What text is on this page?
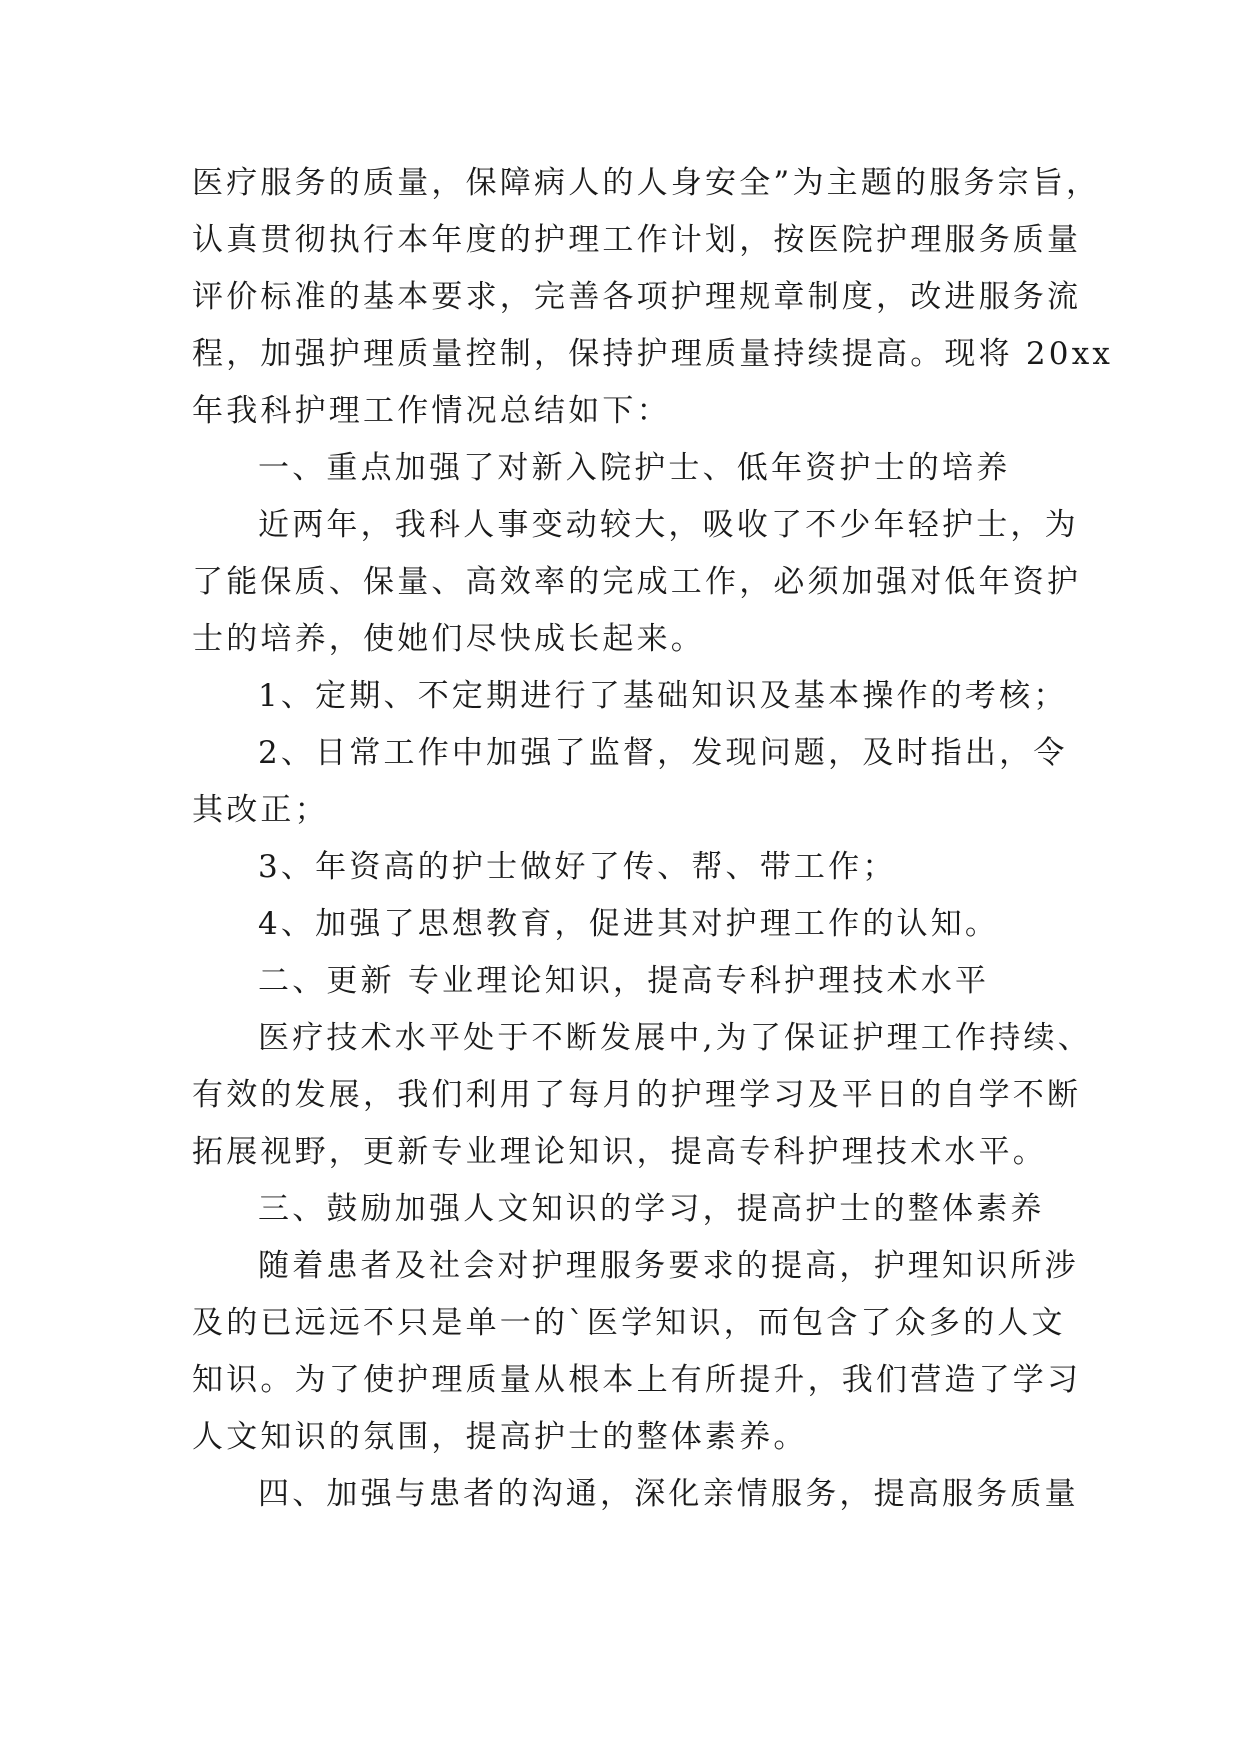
医疗服务的质量，保障病人的人身安全”为主题的服务宗旨，
认真贯彻执行本年度的护理工作计划，按医院护理服务质量
评价标准的基本要求，完善各项护理规章制度，改进服务流
程，加强护理质量控制，保持护理质量持续提高。现将 20xx
年我科护理工作情况总结如下：
一、重点加强了对新入院护士、低年资护士的培养
近两年，我科人事变动较大，吸收了不少年轻护士，为
了能保质、保量、高效率的完成工作，必须加强对低年资护
士的培养，使她们尽快成长起来。
1、定期、不定期进行了基础知识及基本操作的考核；
2、日常工作中加强了监督，发现问题，及时指出，令
其改正；
3、年资高的护士做好了传、帮、带工作；
4、加强了思想教育，促进其对护理工作的认知。
二、更新 专业理论知识，提高专科护理技术水平
医疗技术水平处于不断发展中,为了保证护理工作持续、
有效的发展，我们利用了每月的护理学习及平日的自学不断
拓展视野，更新专业理论知识，提高专科护理技术水平。
三、鼓励加强人文知识的学习，提高护士的整体素养
随着患者及社会对护理服务要求的提高，护理知识所涉
及的已远远不只是单一的`医学知识，而包含了众多的人文
知识。为了使护理质量从根本上有所提升，我们营造了学习
人文知识的氛围，提高护士的整体素养。
四、加强与患者的沟通，深化亲情服务，提高服务质量
